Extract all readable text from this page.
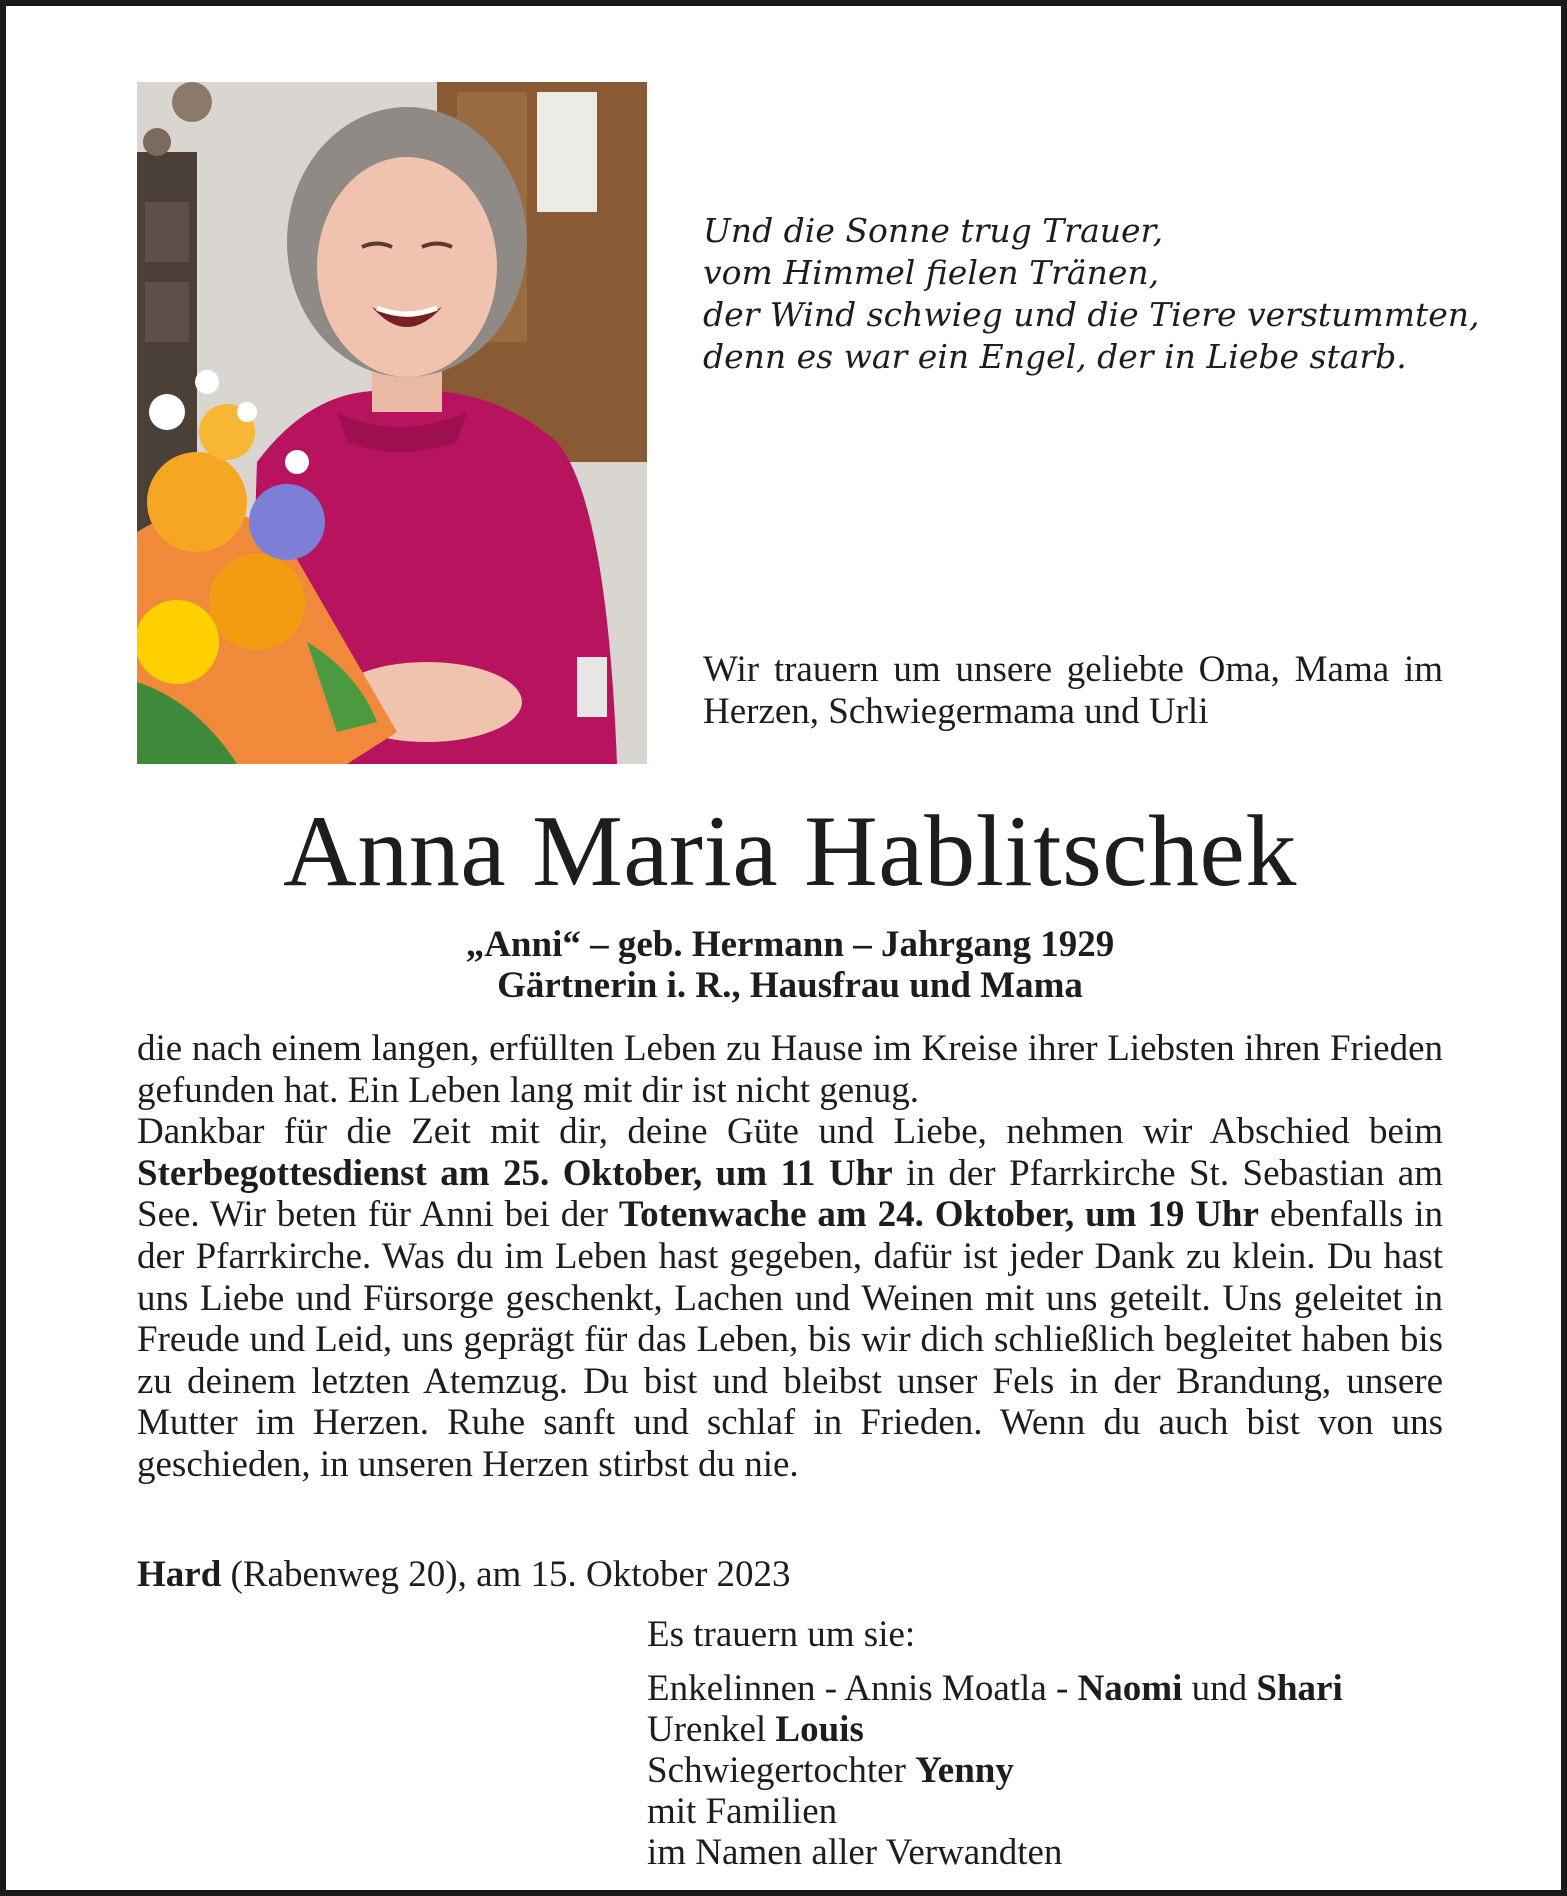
Und die Sonne trug Trauer,
vom Himmel fielen Tränen,
der Wind schwieg und die Tiere verstummten,
denn es war ein Engel, der in Liebe starb.
Wir trauern um unsere geliebte Oma, Mama im Herzen, Schwiegermama und Urli
Anna Maria Hablitschek
„Anni“ – geb. Hermann – Jahrgang 1929
Gärtnerin i. R., Hausfrau und Mama
die nach einem langen, erfüllten Leben zu Hause im Kreise ihrer Liebsten ihren Frieden gefunden hat. Ein Leben lang mit dir ist nicht genug.
Dankbar für die Zeit mit dir, deine Güte und Liebe, nehmen wir Abschied beim Sterbegottesdienst am 25. Oktober, um 11 Uhr in der Pfarrkirche St. Sebastian am See. Wir beten für Anni bei der Totenwache am 24. Oktober, um 19 Uhr ebenfalls in der Pfarrkirche. Was du im Leben hast gegeben, dafür ist jeder Dank zu klein. Du hast uns Liebe und Fürsorge geschenkt, Lachen und Weinen mit uns geteilt. Uns geleitet in Freude und Leid, uns geprägt für das Leben, bis wir dich schließlich begleitet haben bis zu deinem letzten Atemzug. Du bist und bleibst unser Fels in der Brandung, unsere Mutter im Herzen. Ruhe sanft und schlaf in Frieden. Wenn du auch bist von uns geschieden, in unseren Herzen stirbst du nie.
Hard (Rabenweg 20), am 15. Oktober 2023
Es trauern um sie:
Enkelinnen - Annis Moatla - Naomi und Shari
Urenkel Louis
Schwiegertochter Yenny
mit Familien
im Namen aller Verwandten
